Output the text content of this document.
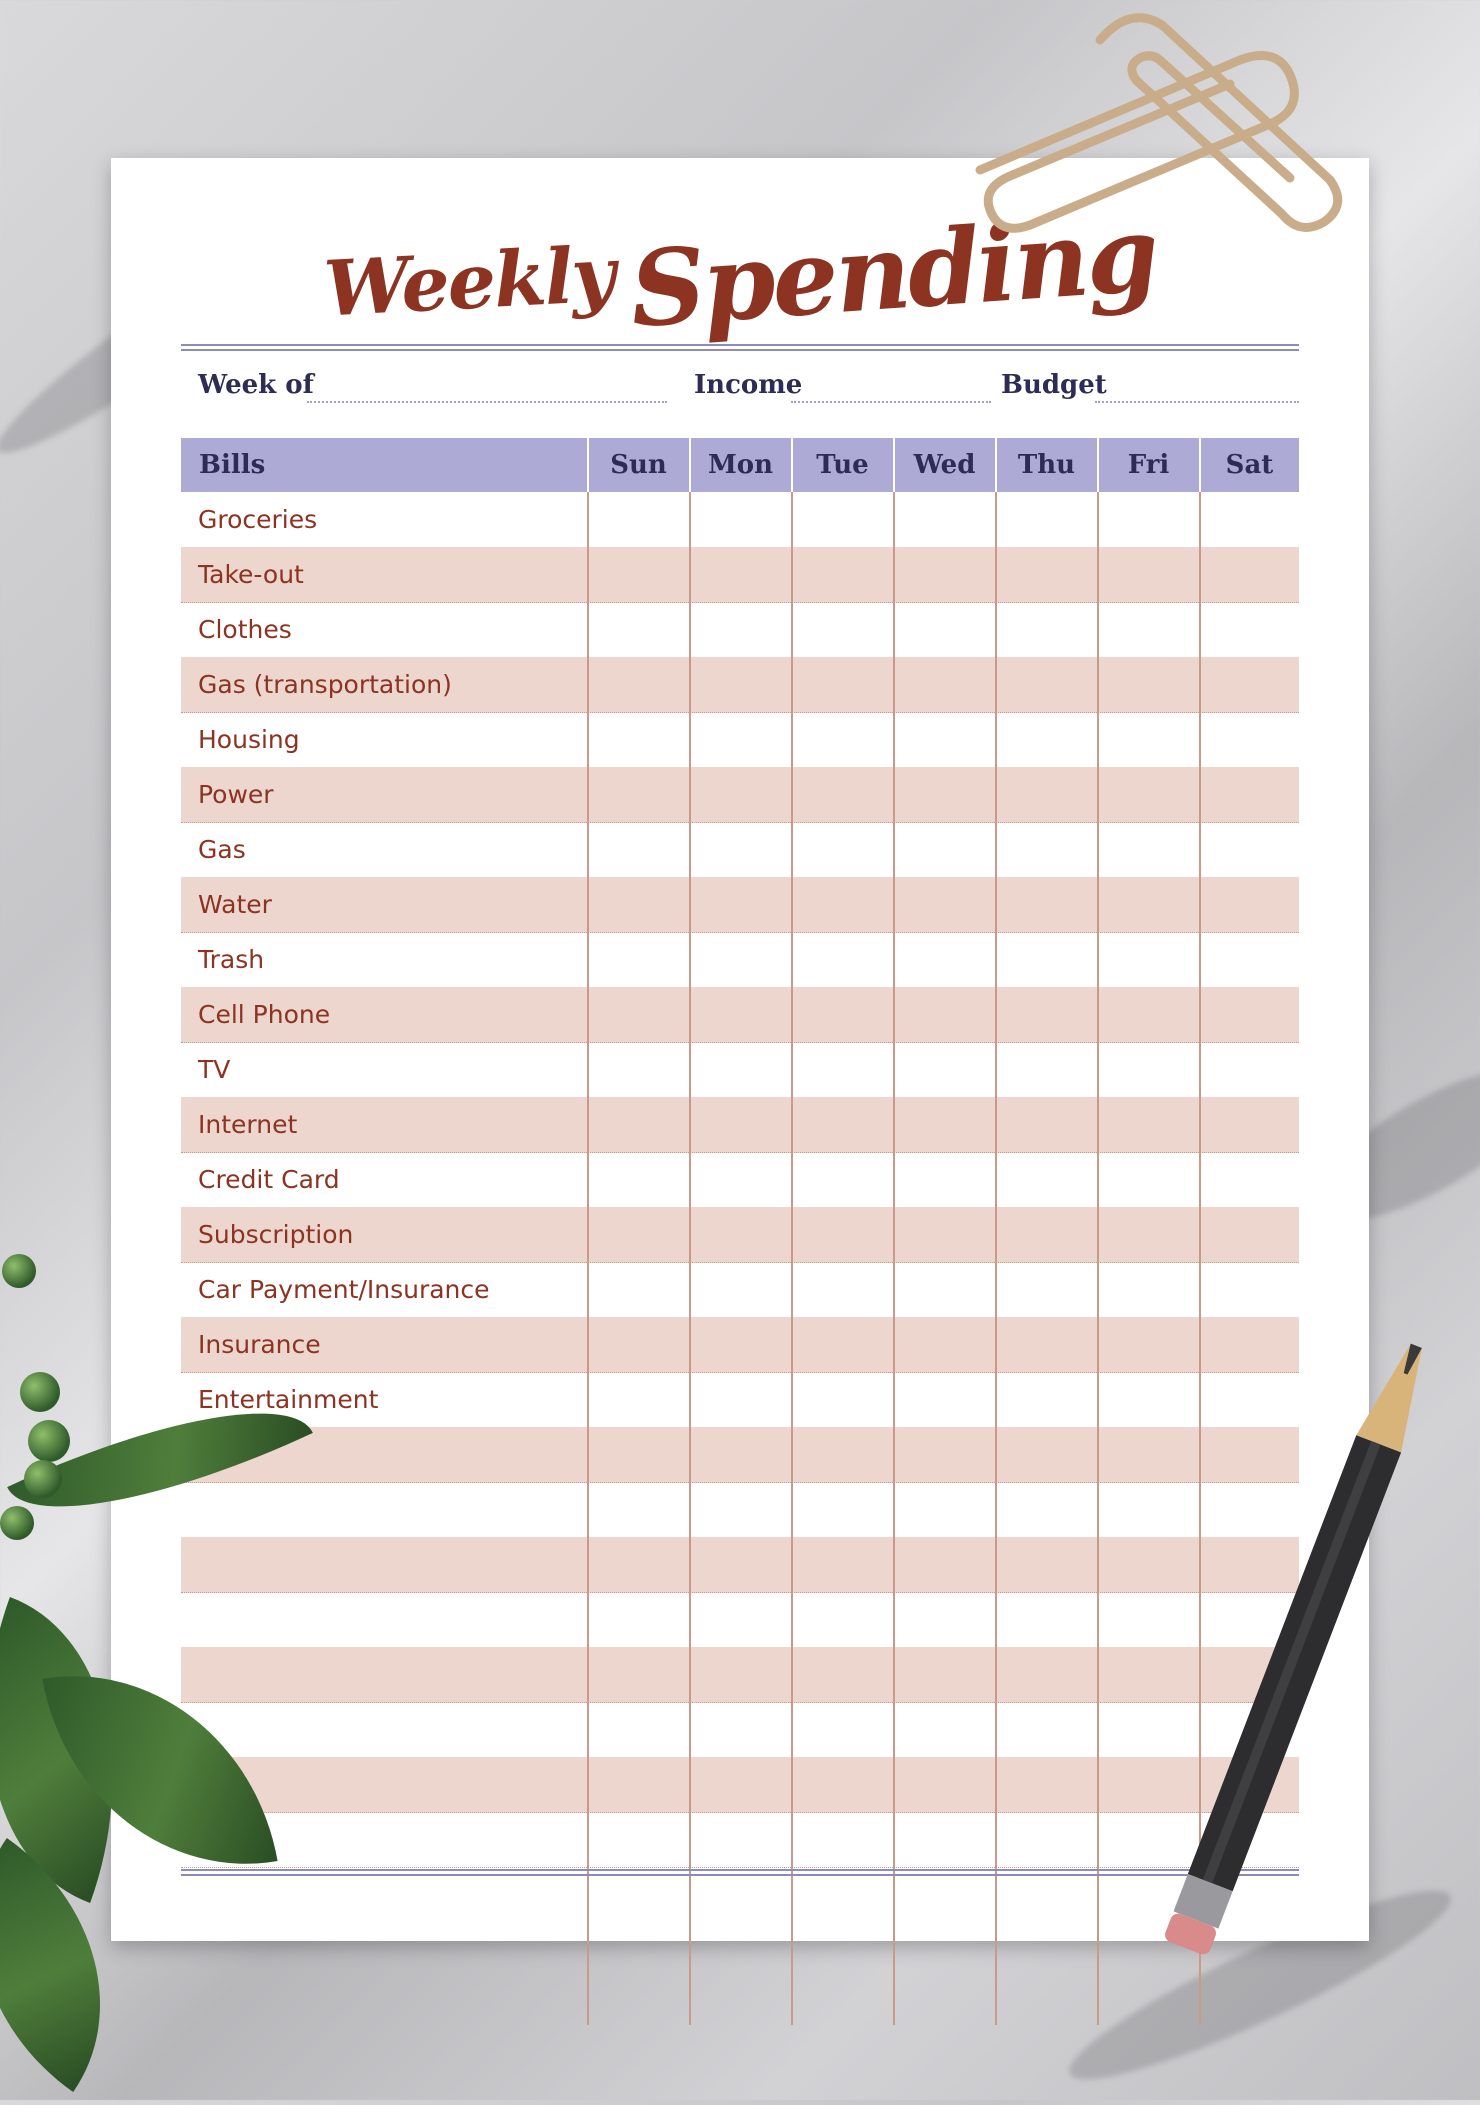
Weekly Spending
Week of	Income	Budget
Bills	Sun	Mon	Tue	Wed	Thu	Fri	Sat
Groceries
Take-out
Clothes
Gas (transportation)
Housing
Power
Gas
Water
Trash
Cell Phone
TV
Internet
Credit Card
Subscription
Car Payment/Insurance
Insurance
Entertainment
